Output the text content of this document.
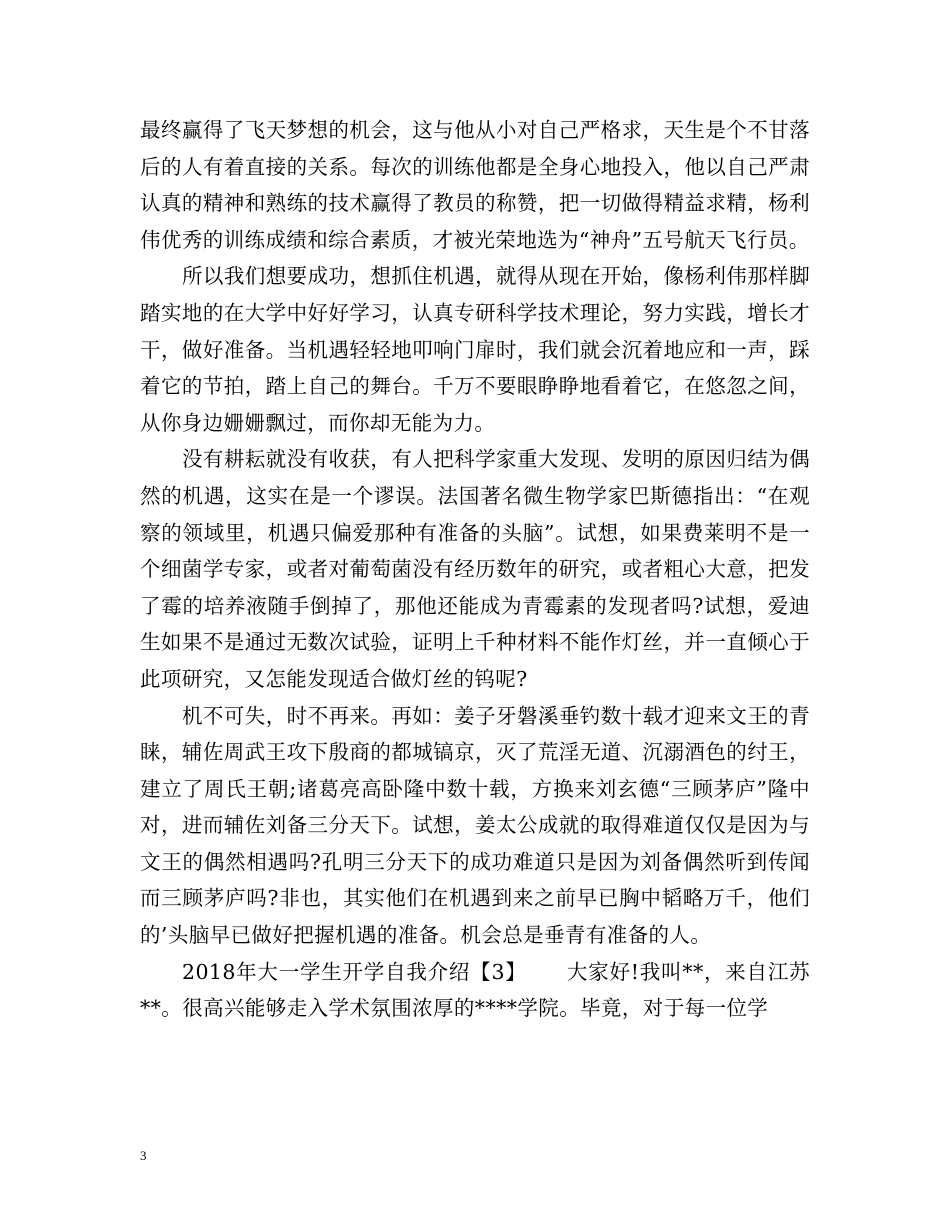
最终赢得了飞天梦想的机会，这与他从小对自己严格求，天生是个不甘落后的人有着直接的关系。每次的训练他都是全身心地投入，他以自己严肃认真的精神和熟练的技术赢得了教员的称赞，把一切做得精益求精，杨利伟优秀的训练成绩和综合素质，才被光荣地选为“神舟”五号航天飞行员。

所以我们想要成功，想抓住机遇，就得从现在开始，像杨利伟那样脚踏实地的在大学中好好学习，认真专研科学技术理论，努力实践，增长才干，做好准备。当机遇轻轻地叩响门扉时，我们就会沉着地应和一声，踩着它的节拍，踏上自己的舞台。千万不要眼睁睁地看着它，在悠忽之间，从你身边姗姗飘过，而你却无能为力。

没有耕耘就没有收获，有人把科学家重大发现、发明的原因归结为偶然的机遇，这实在是一个谬误。法国著名微生物学家巴斯德指出：“在观察的领域里，机遇只偏爱那种有准备的头脑”。试想，如果费莱明不是一个细菌学专家，或者对葡萄菌没有经历数年的研究，或者粗心大意，把发了霉的培养液随手倒掉了，那他还能成为青霉素的发现者吗?试想，爱迪生如果不是通过无数次试验，证明上千种材料不能作灯丝，并一直倾心于此项研究，又怎能发现适合做灯丝的钨呢?

机不可失，时不再来。再如：姜子牙磐溪垂钓数十载才迎来文王的青睐，辅佐周武王攻下殷商的都城镐京，灭了荒淫无道、沉溺酒色的纣王，建立了周氏王朝;诸葛亮高卧隆中数十载，方换来刘玄德“三顾茅庐”隆中对，进而辅佐刘备三分天下。试想，姜太公成就的取得难道仅仅是因为与文王的偶然相遇吗?孔明三分天下的成功难道只是因为刘备偶然听到传闻而三顾茅庐吗?非也，其实他们在机遇到来之前早已胸中韬略万千，他们的’头脑早已做好把握机遇的准备。机会总是垂青有准备的人。

2018年大一学生开学自我介绍【3】 大家好!我叫**，来自江苏**。很高兴能够走入学术氛围浓厚的****学院。毕竟，对于每一位学

3
